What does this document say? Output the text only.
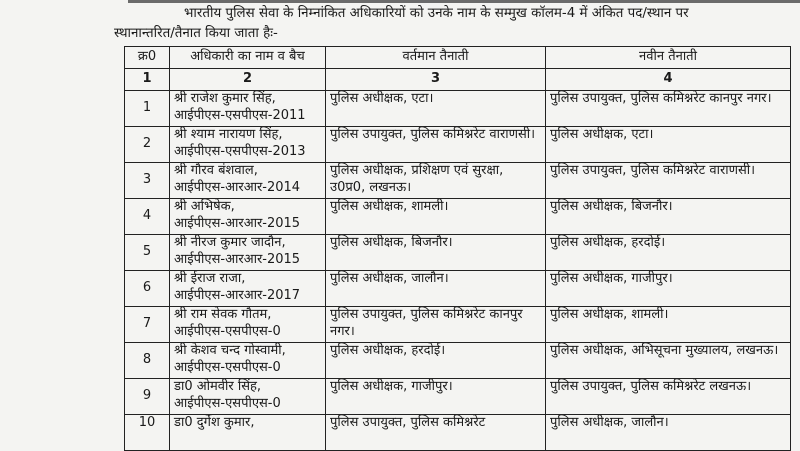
भारतीय पुलिस सेवा के निम्नांकित अधिकारियों को उनके नाम के सम्मुख कॉलम-4 में अंकित पद/स्थान पर
स्थानान्तरित/तैनात किया जाता हैः-
क्र0	अधिकारी का नाम व बैच	वर्तमान तैनाती	नवीन तैनाती
1	2	3	4
1	श्री राजेश कुमार सिंह,
आईपीएस-एसपीएस-2011	पुलिस अधीक्षक, एटा।	पुलिस उपायुक्त, पुलिस कमिश्नरेट कानपुर नगर।
2	श्री श्याम नारायण सिंह,
आईपीएस-एसपीएस-2013	पुलिस उपायुक्त, पुलिस कमिश्नरेट वाराणसी।	पुलिस अधीक्षक, एटा।
3	श्री गौरव बंशवाल,
आईपीएस-आरआर-2014	पुलिस अधीक्षक, प्रशिक्षण एवं सुरक्षा, उ0प्र0, लखनऊ।	पुलिस उपायुक्त, पुलिस कमिश्नरेट वाराणसी।
4	श्री अभिषेक,
आईपीएस-आरआर-2015	पुलिस अधीक्षक, शामली।	पुलिस अधीक्षक, बिजनौर।
5	श्री नीरज कुमार जादौन,
आईपीएस-आरआर-2015	पुलिस अधीक्षक, बिजनौर।	पुलिस अधीक्षक, हरदोई।
6	श्री ईराज राजा,
आईपीएस-आरआर-2017	पुलिस अधीक्षक, जालौन।	पुलिस अधीक्षक, गाजीपुर।
7	श्री राम सेवक गौतम,
आईपीएस-एसपीएस-0	पुलिस उपायुक्त, पुलिस कमिश्नरेट कानपुर नगर।	पुलिस अधीक्षक, शामली।
8	श्री केशव चन्द गोस्वामी,
आईपीएस-एसपीएस-0	पुलिस अधीक्षक, हरदोई।	पुलिस अधीक्षक, अभिसूचना मुख्यालय, लखनऊ।
9	डा0 ओमवीर सिंह,
आईपीएस-एसपीएस-0	पुलिस अधीक्षक, गाजीपुर।	पुलिस उपायुक्त, पुलिस कमिश्नरेट लखनऊ।
10	डा0 दुर्गेश कुमार,	पुलिस उपायुक्त, पुलिस कमिश्नरेट	पुलिस अधीक्षक, जालौन।
